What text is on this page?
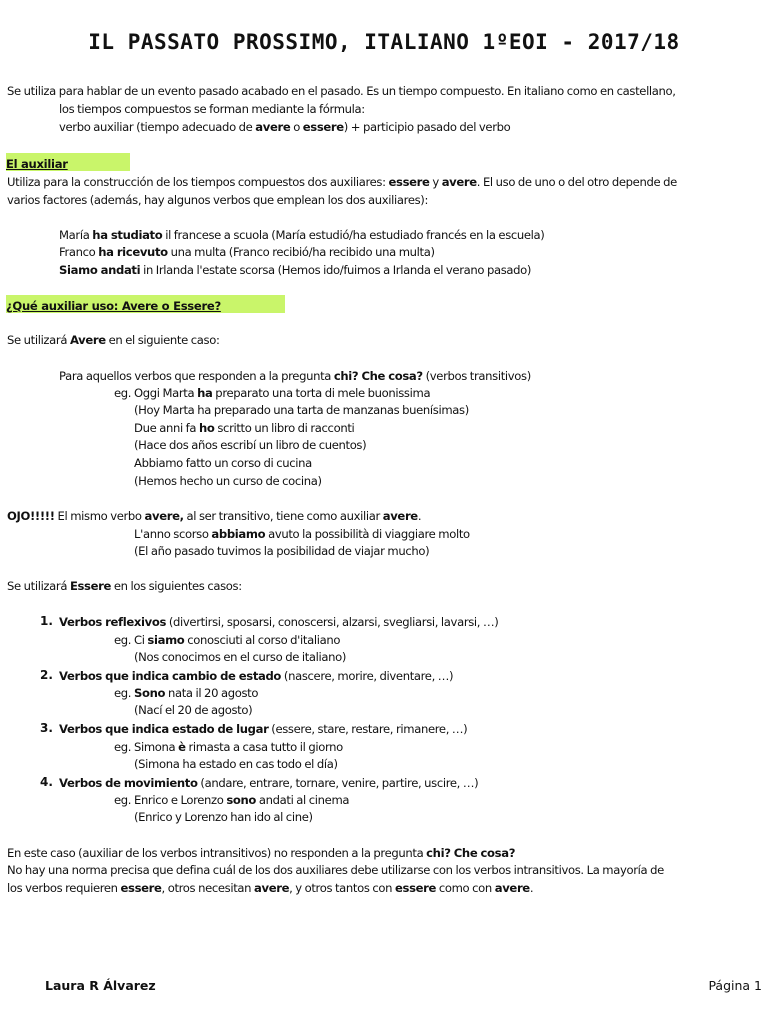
IL PASSATO PROSSIMO, ITALIANO 1ºEOI - 2017/18
Se utiliza para hablar de un evento pasado acabado en el pasado. Es un tiempo compuesto. En italiano como en castellano,
los tiempos compuestos se forman mediante la fórmula:
verbo auxiliar (tiempo adecuado de avere o essere) + participio pasado del verbo
El auxiliar
Utiliza para la construcción de los tiempos compuestos dos auxiliares: essere y avere. El uso de uno o del otro depende de
varios factores (además, hay algunos verbos que emplean los dos auxiliares):
María ha studiato il francese a scuola (María estudió/ha estudiado francés en la escuela)
Franco ha ricevuto una multa (Franco recibió/ha recibido una multa)
Siamo andati in Irlanda l'estate scorsa (Hemos ido/fuimos a Irlanda el verano pasado)
¿Qué auxiliar uso: Avere o Essere?
Se utilizará Avere en el siguiente caso:
Para aquellos verbos que responden a la pregunta chi? Che cosa? (verbos transitivos)
eg. Oggi Marta ha preparato una torta di mele buonissima
(Hoy Marta ha preparado una tarta de manzanas buenísimas)
Due anni fa ho scritto un libro di racconti
(Hace dos años escribí un libro de cuentos)
Abbiamo fatto un corso di cucina
(Hemos hecho un curso de cocina)
OJO!!!!! El mismo verbo avere, al ser transitivo, tiene como auxiliar avere.
L'anno scorso abbiamo avuto la possibilità di viaggiare molto
(El año pasado tuvimos la posibilidad de viajar mucho)
Se utilizará Essere en los siguientes casos:
1. Verbos reflexivos (divertirsi, sposarsi, conoscersi, alzarsi, svegliarsi, lavarsi, …)
eg. Ci siamo conosciuti al corso d'italiano
(Nos conocimos en el curso de italiano)
2. Verbos que indica cambio de estado (nascere, morire, diventare, …)
eg. Sono nata il 20 agosto
(Nací el 20 de agosto)
3. Verbos que indica estado de lugar (essere, stare, restare, rimanere, …)
eg. Simona è rimasta a casa tutto il giorno
(Simona ha estado en cas todo el día)
4. Verbos de movimiento (andare, entrare, tornare, venire, partire, uscire, …)
eg. Enrico e Lorenzo sono andati al cinema
(Enrico y Lorenzo han ido al cine)
En este caso (auxiliar de los verbos intransitivos) no responden a la pregunta chi? Che cosa?
No hay una norma precisa que defina cuál de los dos auxiliares debe utilizarse con los verbos intransitivos. La mayoría de
los verbos requieren essere, otros necesitan avere, y otros tantos con essere como con avere.
Laura R Álvarez	Página 1
